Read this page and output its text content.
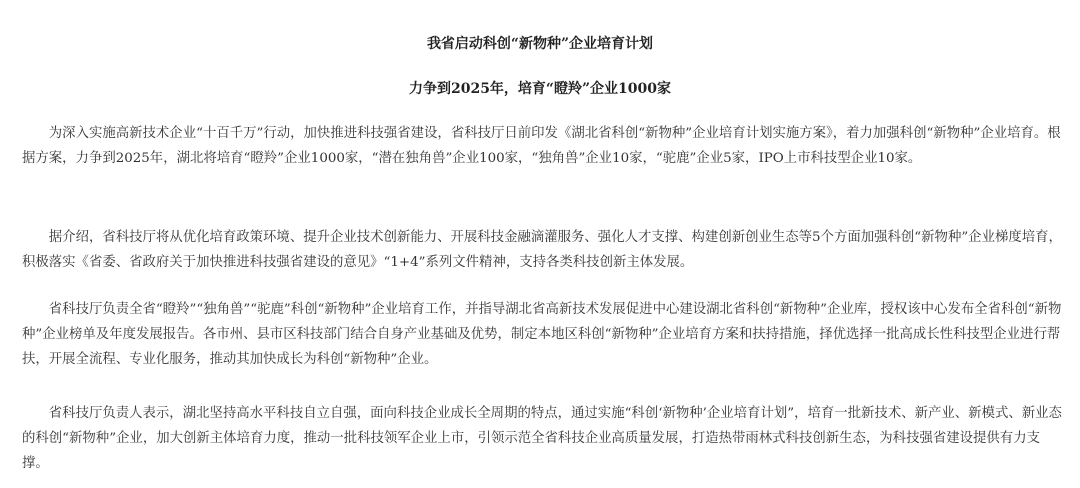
我省启动科创“新物种”企业培育计划
力争到2025年，培育“瞪羚”企业1000家

为深入实施高新技术企业“十百千万”行动，加快推进科技强省建设，省科技厅日前印发《湖北省科创“新物种”企业培育计划实施方案》，着力加强科创“新物种”企业培育。根据方案，力争到2025年，湖北将培育“瞪羚”企业1000家，“潜在独角兽”企业100家，“独角兽”企业10家，“驼鹿”企业5家，IPO上市科技型企业10家。

据介绍，省科技厅将从优化培育政策环境、提升企业技术创新能力、开展科技金融滴灌服务、强化人才支撑、构建创新创业生态等5个方面加强科创“新物种”企业梯度培育，积极落实《省委、省政府关于加快推进科技强省建设的意见》“1+4”系列文件精神，支持各类科技创新主体发展。

省科技厅负责全省“瞪羚”“独角兽”“驼鹿”科创“新物种”企业培育工作，并指导湖北省高新技术发展促进中心建设湖北省科创“新物种”企业库，授权该中心发布全省科创“新物种”企业榜单及年度发展报告。各市州、县市区科技部门结合自身产业基础及优势，制定本地区科创“新物种”企业培育方案和扶持措施，择优选择一批高成长性科技型企业进行帮扶，开展全流程、专业化服务，推动其加快成长为科创“新物种”企业。

省科技厅负责人表示，湖北坚持高水平科技自立自强，面向科技企业成长全周期的特点，通过实施“科创‘新物种’企业培育计划”，培育一批新技术、新产业、新模式、新业态的科创“新物种”企业，加大创新主体培育力度，推动一批科技领军企业上市，引领示范全省科技企业高质量发展，打造热带雨林式科技创新生态，为科技强省建设提供有力支撑。
